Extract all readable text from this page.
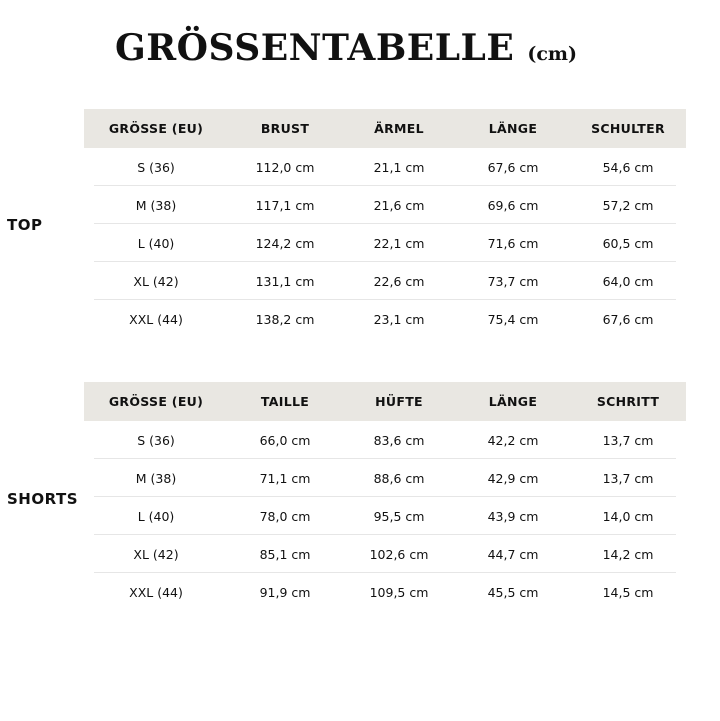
GRÖSSENTABELLE (cm)
TOP
GRÖSSE (EU)	BRUST	ÄRMEL	LÄNGE	SCHULTER
S (36)	112,0 cm	21,1 cm	67,6 cm	54,6 cm
M (38)	117,1 cm	21,6 cm	69,6 cm	57,2 cm
L (40)	124,2 cm	22,1 cm	71,6 cm	60,5 cm
XL (42)	131,1 cm	22,6 cm	73,7 cm	64,0 cm
XXL (44)	138,2 cm	23,1 cm	75,4 cm	67,6 cm
SHORTS
GRÖSSE (EU)	TAILLE	HÜFTE	LÄNGE	SCHRITT
S (36)	66,0 cm	83,6 cm	42,2 cm	13,7 cm
M (38)	71,1 cm	88,6 cm	42,9 cm	13,7 cm
L (40)	78,0 cm	95,5 cm	43,9 cm	14,0 cm
XL (42)	85,1 cm	102,6 cm	44,7 cm	14,2 cm
XXL (44)	91,9 cm	109,5 cm	45,5 cm	14,5 cm
